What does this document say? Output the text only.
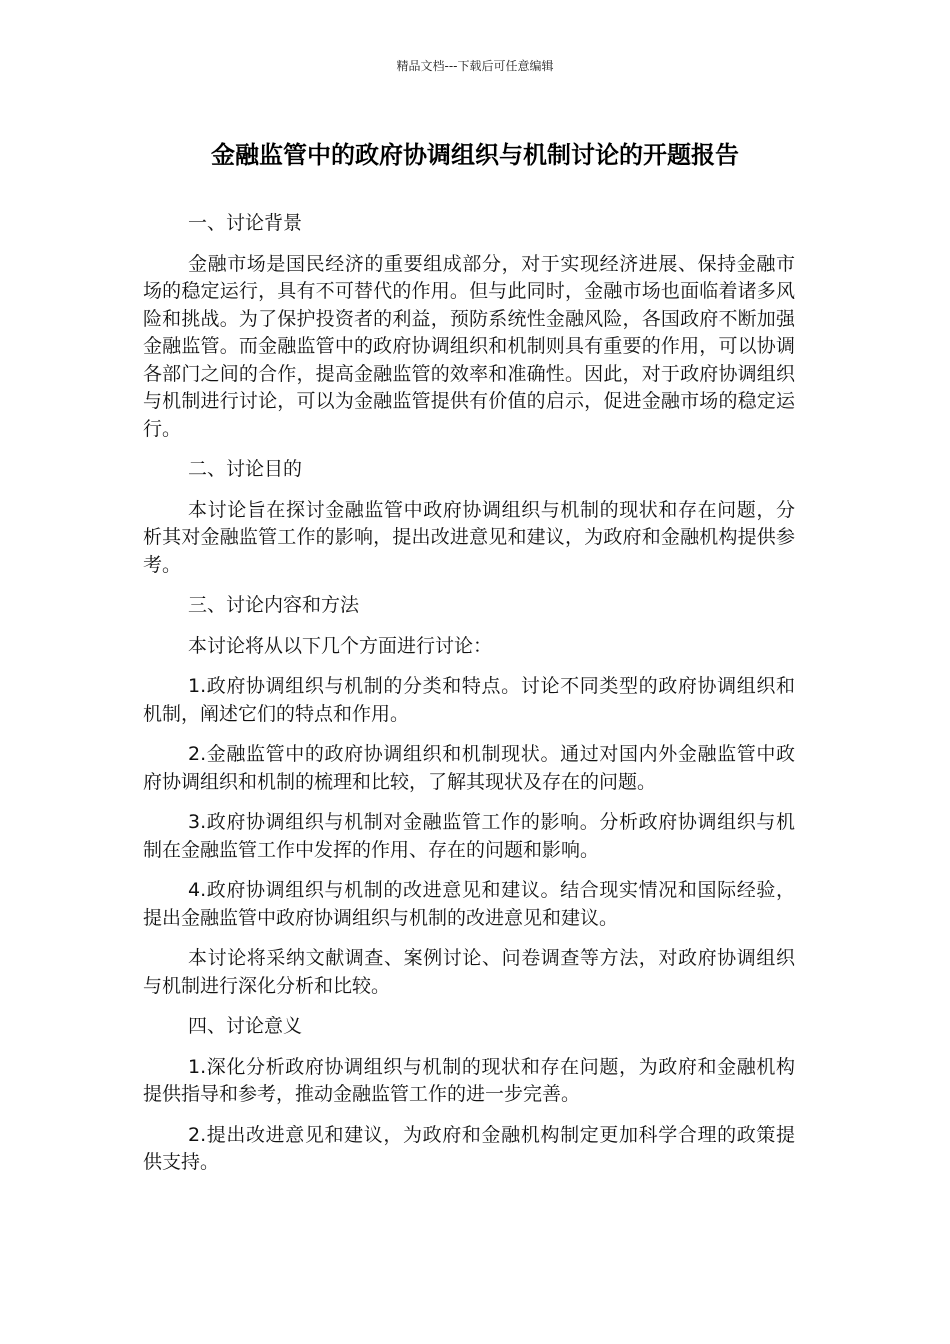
精品文档---下载后可任意编辑
金融监管中的政府协调组织与机制讨论的开题报告

一、讨论背景

金融市场是国民经济的重要组成部分，对于实现经济进展、保持金融市场的稳定运行，具有不可替代的作用。但与此同时，金融市场也面临着诸多风险和挑战。为了保护投资者的利益，预防系统性金融风险，各国政府不断加强金融监管。而金融监管中的政府协调组织和机制则具有重要的作用，可以协调各部门之间的合作，提高金融监管的效率和准确性。因此，对于政府协调组织与机制进行讨论，可以为金融监管提供有价值的启示，促进金融市场的稳定运行。

二、讨论目的

本讨论旨在探讨金融监管中政府协调组织与机制的现状和存在问题，分析其对金融监管工作的影响，提出改进意见和建议，为政府和金融机构提供参考。

三、讨论内容和方法

本讨论将从以下几个方面进行讨论：

1.政府协调组织与机制的分类和特点。讨论不同类型的政府协调组织和机制，阐述它们的特点和作用。

2.金融监管中的政府协调组织和机制现状。通过对国内外金融监管中政府协调组织和机制的梳理和比较，了解其现状及存在的问题。

3.政府协调组织与机制对金融监管工作的影响。分析政府协调组织与机制在金融监管工作中发挥的作用、存在的问题和影响。

4.政府协调组织与机制的改进意见和建议。结合现实情况和国际经验，提出金融监管中政府协调组织与机制的改进意见和建议。

本讨论将采纳文献调查、案例讨论、问卷调查等方法，对政府协调组织与机制进行深化分析和比较。

四、讨论意义

1.深化分析政府协调组织与机制的现状和存在问题，为政府和金融机构提供指导和参考，推动金融监管工作的进一步完善。

2.提出改进意见和建议，为政府和金融机构制定更加科学合理的政策提供支持。
